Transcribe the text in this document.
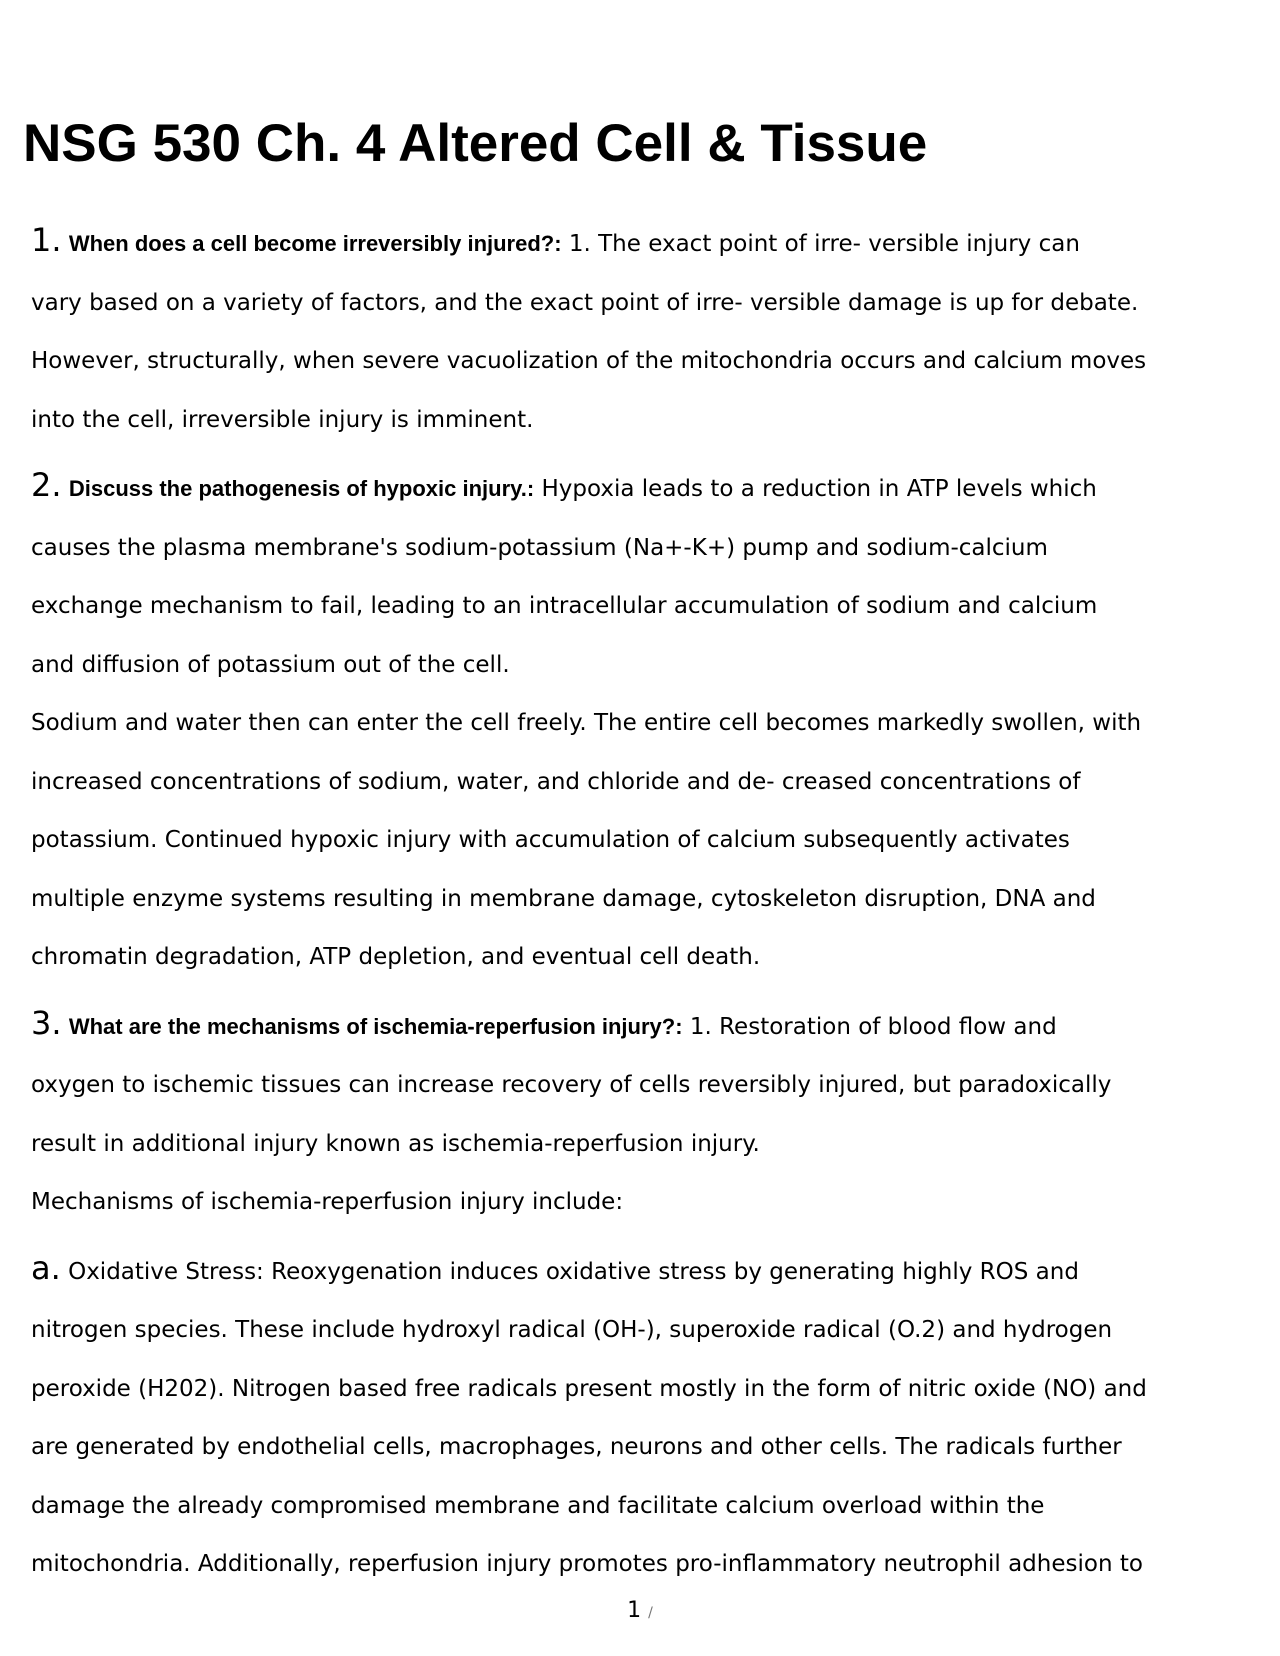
NSG 530 Ch. 4 Altered Cell & Tissue
1. When does a cell become irreversibly injured?: 1. The exact point of irre- versible injury can
vary based on a variety of factors, and the exact point of irre- versible damage is up for debate.
However, structurally, when severe vacuolization of the mitochondria occurs and calcium moves
into the cell, irreversible injury is imminent.
2. Discuss the pathogenesis of hypoxic injury.: Hypoxia leads to a reduction in ATP levels which
causes the plasma membrane's sodium-potassium (Na+-K+) pump and sodium-calcium
exchange mechanism to fail, leading to an intracellular accumulation of sodium and calcium
and diffusion of potassium out of the cell.
Sodium and water then can enter the cell freely. The entire cell becomes markedly swollen, with
increased concentrations of sodium, water, and chloride and de- creased concentrations of
potassium. Continued hypoxic injury with accumulation of calcium subsequently activates
multiple enzyme systems resulting in membrane damage, cytoskeleton disruption, DNA and
chromatin degradation, ATP depletion, and eventual cell death.
3. What are the mechanisms of ischemia-reperfusion injury?: 1. Restoration of blood flow and
oxygen to ischemic tissues can increase recovery of cells reversibly injured, but paradoxically
result in additional injury known as ischemia-reperfusion injury.
Mechanisms of ischemia-reperfusion injury include:
a. Oxidative Stress: Reoxygenation induces oxidative stress by generating highly ROS and
nitrogen species. These include hydroxyl radical (OH-), superoxide radical (O.2) and hydrogen
peroxide (H202). Nitrogen based free radicals present mostly in the form of nitric oxide (NO) and
are generated by endothelial cells, macrophages, neurons and other cells. The radicals further
damage the already compromised membrane and facilitate calcium overload within the
mitochondria. Additionally, reperfusion injury promotes pro-inflammatory neutrophil adhesion to
1 /
